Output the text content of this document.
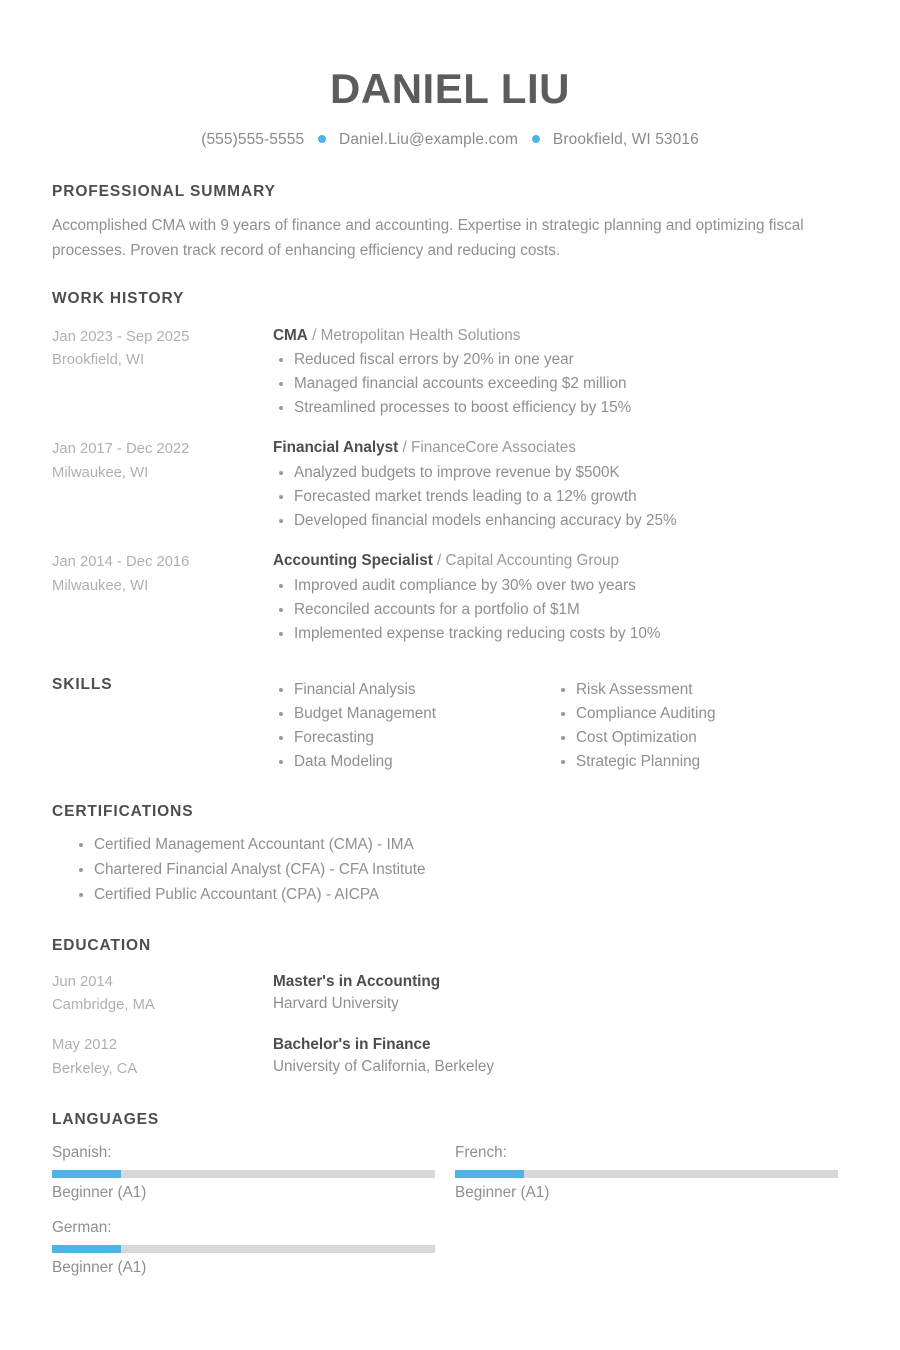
DANIEL LIU
(555)555-5555 Daniel.Liu@example.com Brookfield, WI 53016
PROFESSIONAL SUMMARY
Accomplished CMA with 9 years of finance and accounting. Expertise in strategic planning and optimizing fiscal processes. Proven track record of enhancing efficiency and reducing costs.
WORK HISTORY
Jan 2023 - Sep 2025
Brookfield, WI
CMA / Metropolitan Health Solutions
Reduced fiscal errors by 20% in one year
Managed financial accounts exceeding $2 million
Streamlined processes to boost efficiency by 15%
Jan 2017 - Dec 2022
Milwaukee, WI
Financial Analyst / FinanceCore Associates
Analyzed budgets to improve revenue by $500K
Forecasted market trends leading to a 12% growth
Developed financial models enhancing accuracy by 25%
Jan 2014 - Dec 2016
Milwaukee, WI
Accounting Specialist / Capital Accounting Group
Improved audit compliance by 30% over two years
Reconciled accounts for a portfolio of $1M
Implemented expense tracking reducing costs by 10%
SKILLS	Financial Analysis
Budget Management
Forecasting
Data Modeling
Risk Assessment
Compliance Auditing
Cost Optimization
Strategic Planning
CERTIFICATIONS
Certified Management Accountant (CMA) - IMA
Chartered Financial Analyst (CFA) - CFA Institute
Certified Public Accountant (CPA) - AICPA
EDUCATION
Jun 2014
Cambridge, MA
Master's in Accounting
Harvard University
May 2012
Berkeley, CA
Bachelor's in Finance
University of California, Berkeley
LANGUAGES
Spanish:
Beginner (A1)
French:
Beginner (A1)
German:
Beginner (A1)
